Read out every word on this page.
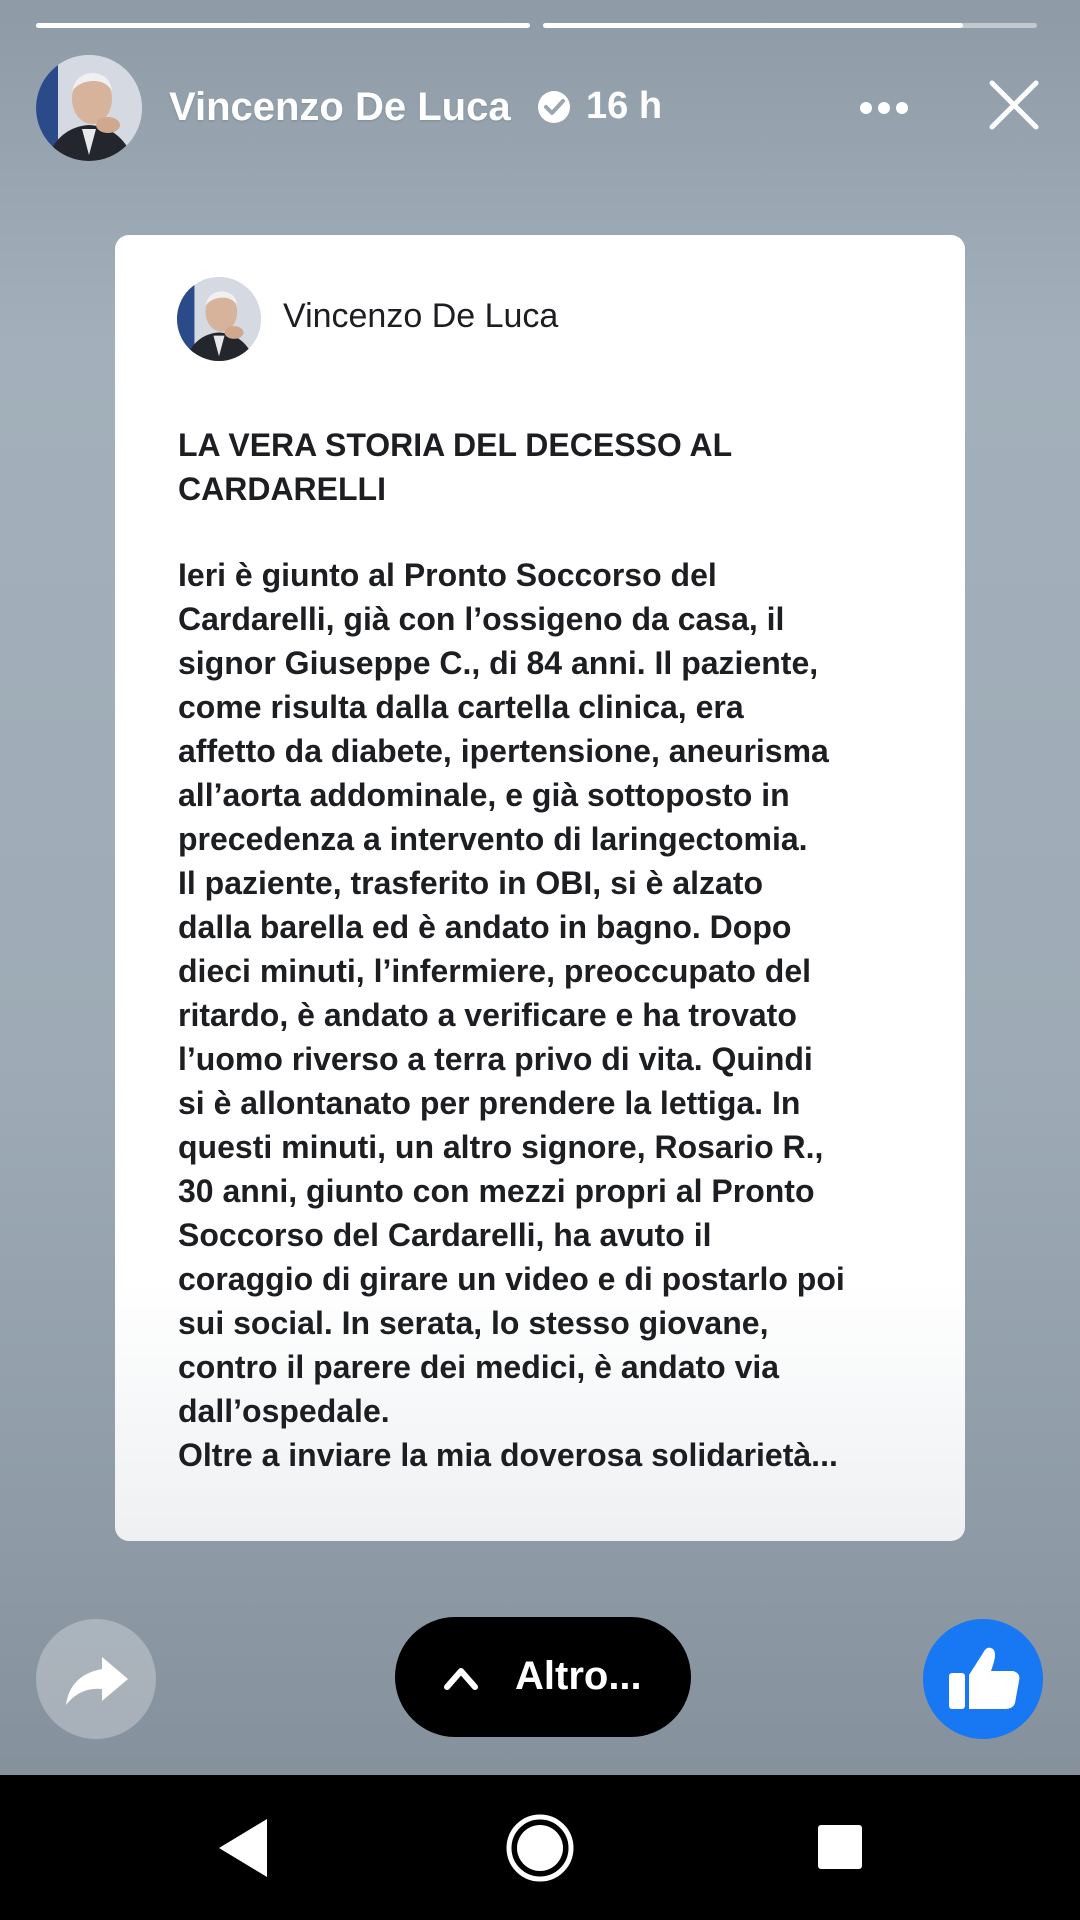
Vincenzo De Luca 16 h
Vincenzo De Luca
LA VERA STORIA DEL DECESSO AL CARDARELLI
Ieri è giunto al Pronto Soccorso del
Cardarelli, già con l’ossigeno da casa, il
signor Giuseppe C., di 84 anni. Il paziente,
come risulta dalla cartella clinica, era
affetto da diabete, ipertensione, aneurisma
all’aorta addominale, e già sottoposto in
precedenza a intervento di laringectomia.
Il paziente, trasferito in OBI, si è alzato
dalla barella ed è andato in bagno. Dopo
dieci minuti, l’infermiere, preoccupato del
ritardo, è andato a verificare e ha trovato
l’uomo riverso a terra privo di vita. Quindi
si è allontanato per prendere la lettiga. In
questi minuti, un altro signore, Rosario R.,
30 anni, giunto con mezzi propri al Pronto
Soccorso del Cardarelli, ha avuto il
coraggio di girare un video e di postarlo poi
sui social. In serata, lo stesso giovane,
contro il parere dei medici, è andato via
dall’ospedale.
Oltre a inviare la mia doverosa solidarietà...
Altro...
